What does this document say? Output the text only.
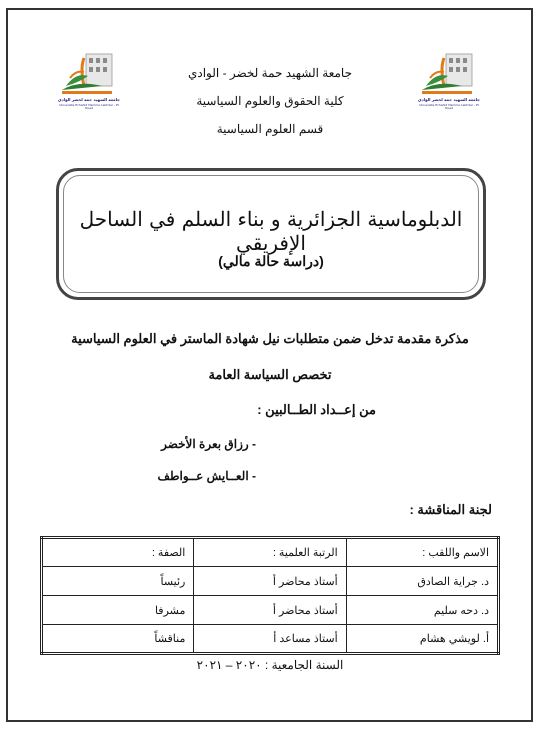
جامعة الشهيد حمة لخضر الوادي
Université Echahid Hamma Lakhdar - El Oued
جامعة الشهيد حمة لخضر الوادي
Université Echahid Hamma Lakhdar - El Oued
جامعة الشهيد حمة لخضر - الوادي
كلية الحقوق والعلوم السياسية
قسم العلوم السياسية
الدبلوماسية الجزائرية و بناء السلم في الساحل الإفريقي
(دراسة حالة مالي)
مذكرة مقدمة تدخل ضمن متطلبات نيل شهادة الماستر في العلوم السياسية
تخصص السياسة العامة
من إعــداد الطــالبين :
- رزاق بعرة الأخضر
- العــايش عــواطف
لجنة المناقشة :
الاسم واللقب :	الرتبة العلمية :	الصفة :
د. جراية الصادق	أستاذ محاضر أ	رئيساً
د. دحه سليم	أستاذ محاضر أ	مشرفا
أ. لويشي هشام	أستاذ مساعد أ	مناقشاً
السنة الجامعية : ٢٠٢٠ – ٢٠٢١
